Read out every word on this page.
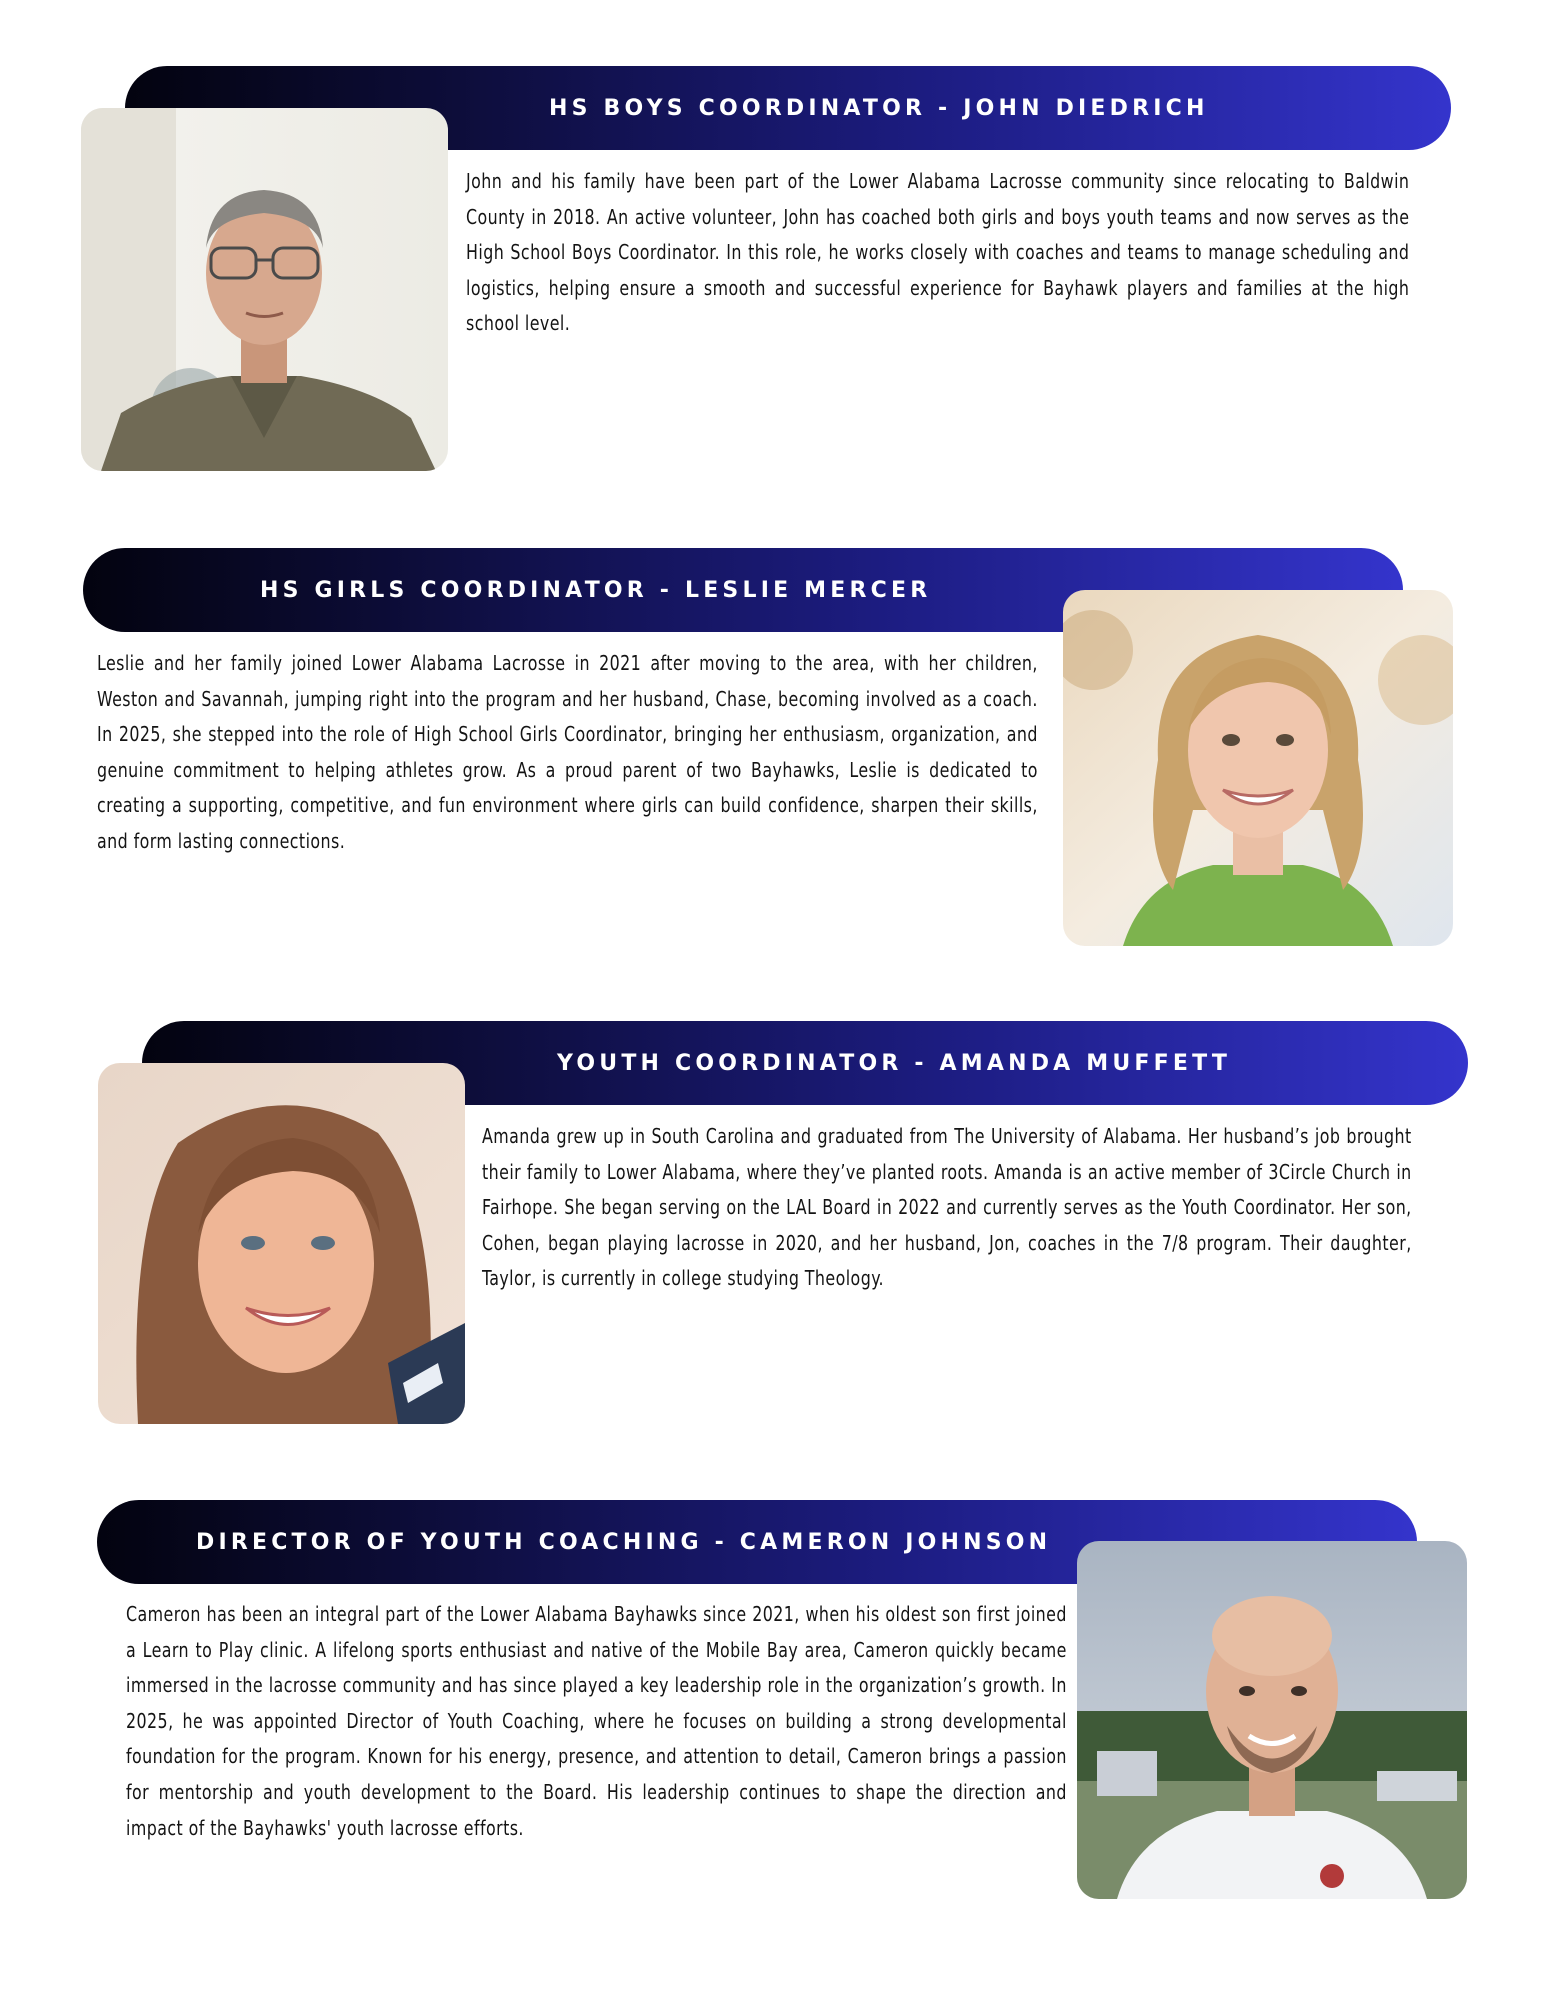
HS BOYS COORDINATOR - JOHN DIEDRICH

John and his family have been part of the Lower Alabama Lacrosse community since relocating to Baldwin County in 2018. An active volunteer, John has coached both girls and boys youth teams and now serves as the High School Boys Coordinator. In this role, he works closely with coaches and teams to manage scheduling and logistics, helping ensure a smooth and successful experience for Bayhawk players and families at the high school level.

HS GIRLS COORDINATOR - LESLIE MERCER

Leslie and her family joined Lower Alabama Lacrosse in 2021 after moving to the area, with her children, Weston and Savannah, jumping right into the program and her husband, Chase, becoming involved as a coach. In 2025, she stepped into the role of High School Girls Coordinator, bringing her enthusiasm, organization, and genuine commitment to helping athletes grow. As a proud parent of two Bayhawks, Leslie is dedicated to creating a supporting, competitive, and fun environment where girls can build confidence, sharpen their skills, and form lasting connections.

YOUTH COORDINATOR - AMANDA MUFFETT

Amanda grew up in South Carolina and graduated from The University of Alabama. Her husband’s job brought their family to Lower Alabama, where they’ve planted roots. Amanda is an active member of 3Circle Church in Fairhope. She began serving on the LAL Board in 2022 and currently serves as the Youth Coordinator. Her son, Cohen, began playing lacrosse in 2020, and her husband, Jon, coaches in the 7/8 program. Their daughter, Taylor, is currently in college studying Theology.

DIRECTOR OF YOUTH COACHING - CAMERON JOHNSON

Cameron has been an integral part of the Lower Alabama Bayhawks since 2021, when his oldest son first joined a Learn to Play clinic. A lifelong sports enthusiast and native of the Mobile Bay area, Cameron quickly became immersed in the lacrosse community and has since played a key leadership role in the organization’s growth. In 2025, he was appointed Director of Youth Coaching, where he focuses on building a strong developmental foundation for the program. Known for his energy, presence, and attention to detail, Cameron brings a passion for mentorship and youth development to the Board. His leadership continues to shape the direction and impact of the Bayhawks' youth lacrosse efforts.
